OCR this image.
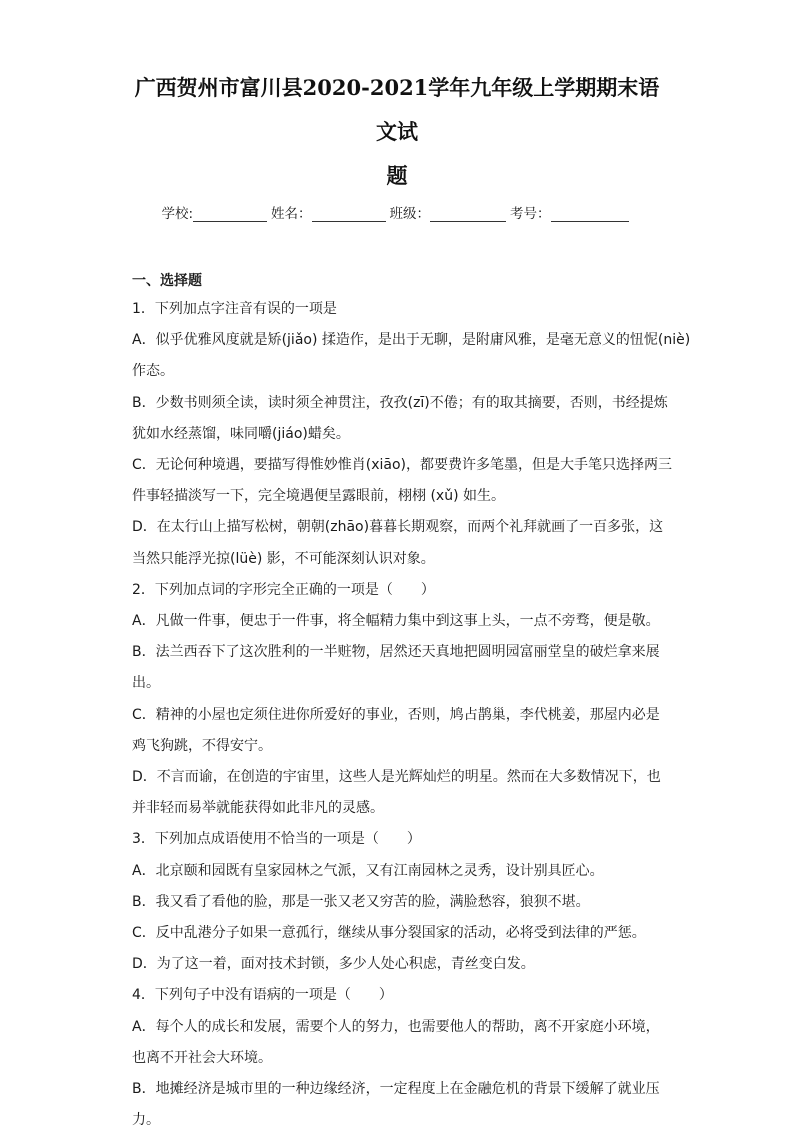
广西贺州市富川县2020-2021学年九年级上学期期末语文试
题
学校:	姓名：	班级：	考号：
一、选择题

1．下列加点字注音有误的一项是

A．似乎优雅风度就是矫(jiǎo) 揉造作，是出于无聊，是附庸风雅，是毫无意义的忸怩(niè)

作态。

B．少数书则须全读，读时须全神贯注，孜孜(zī)不倦；有的取其摘要，否则，书经提炼

犹如水经蒸馏，味同嚼(jiáo)蜡矣。

C．无论何种境遇，要描写得惟妙惟肖(xiāo)，都要费许多笔墨，但是大手笔只选择两三

件事轻描淡写一下，完全境遇便呈露眼前，栩栩 (xǔ) 如生。

D．在太行山上描写松树，朝朝(zhāo)暮暮长期观察，而两个礼拜就画了一百多张，这

当然只能浮光掠(lüè) 影，不可能深刻认识对象。

2．下列加点词的字形完全正确的一项是（　　）

A．凡做一件事，便忠于一件事，将全幅精力集中到这事上头，一点不旁骛，便是敬。

B．法兰西吞下了这次胜利的一半赃物，居然还天真地把圆明园富丽堂皇的破烂拿来展

出。

C．精神的小屋也定须住进你所爱好的事业，否则，鸠占鹊巢，李代桃姜，那屋内必是

鸡飞狗跳，不得安宁。

D．不言而谕，在创造的宇宙里，这些人是光辉灿烂的明星。然而在大多数情况下，也

并非轻而易举就能获得如此非凡的灵感。

3．下列加点成语使用不恰当的一项是（　　）

A．北京颐和园既有皇家园林之气派，又有江南园林之灵秀，设计别具匠心。

B．我又看了看他的脸，那是一张又老又穷苦的脸，满脸愁容，狼狈不堪。

C．反中乱港分子如果一意孤行，继续从事分裂国家的活动，必将受到法律的严惩。

D．为了这一着，面对技术封锁，多少人处心积虑，青丝变白发。

4．下列句子中没有语病的一项是（　　）

A．每个人的成长和发展，需要个人的努力，也需要他人的帮助，离不开家庭小环境，

也离不开社会大环境。

B．地摊经济是城市里的一种边缘经济，一定程度上在金融危机的背景下缓解了就业压

力。
